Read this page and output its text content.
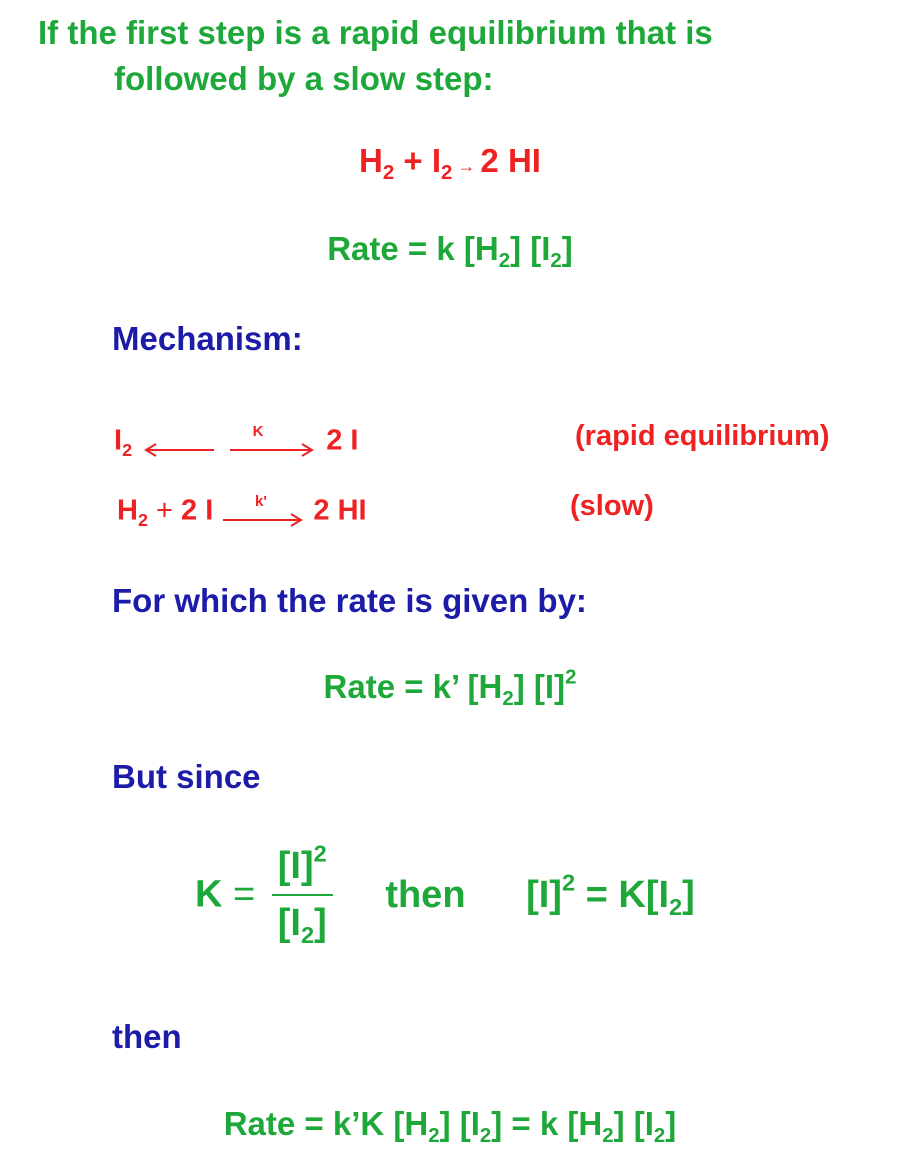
If the first step is a rapid equilibrium that is
followed by a slow step:
$H_2 + I_2 \to 2$ HI
Rate = k $[H_2]$ $[I_2]$
Mechanism:
$I_2$
K 2 I	(rapid equilibrium)
$H_2 + 2$ I	k' 2 HI	(slow)
For which the rate is given by:
Rate = k’ $[H_2]$ $[I]^2$
But since
$K = \frac{[I]^2}{[I_2]}$ then $[I]^2 = K[I_2]$
then
Rate = k’K $[H_2] [I_2] = k$ $[H_2]$ $[I_2]$
